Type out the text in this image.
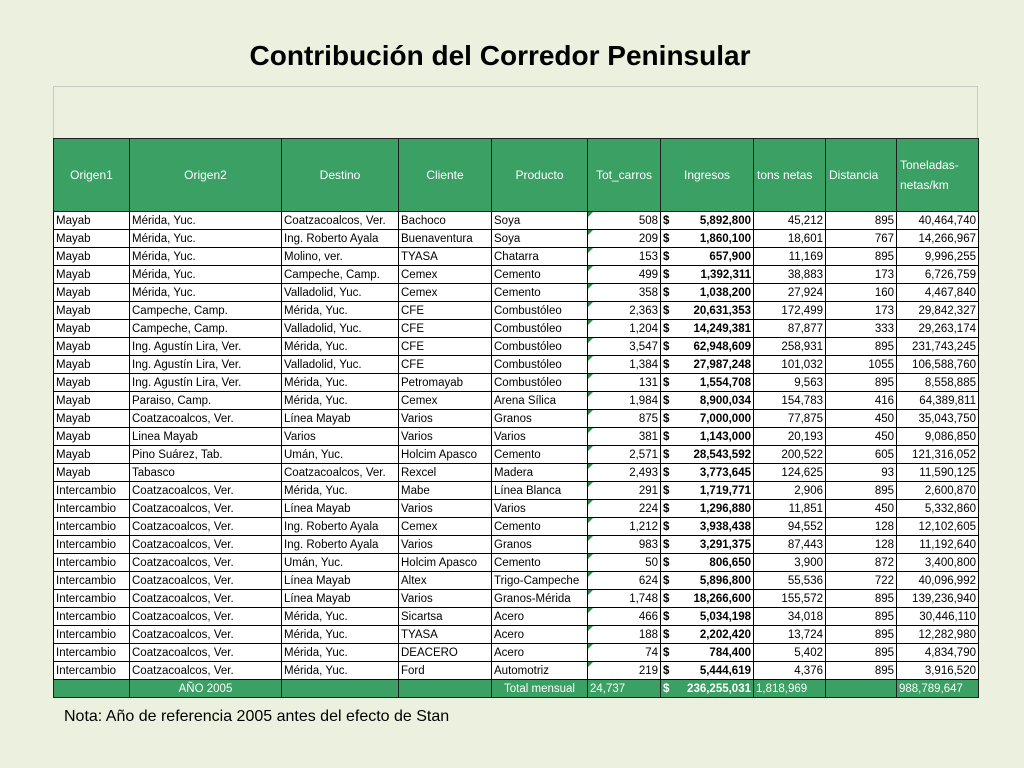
Contribución del Corredor Peninsular
Origen1	Origen2	Destino	Cliente	Producto	Tot_carros	Ingresos	tons netas	Distancia	Toneladas-netas/km
Mayab	Mérida, Yuc.	Coatzacoalcos, Ver.	Bachoco	Soya	508	$ 5,892,800	45,212	895	40,464,740
Mayab	Mérida, Yuc.	Ing. Roberto Ayala	Buenaventura	Soya	209	$ 1,860,100	18,601	767	14,266,967
Mayab	Mérida, Yuc.	Molino, ver.	TYASA	Chatarra	153	$ 657,900	11,169	895	9,996,255
Mayab	Mérida, Yuc.	Campeche, Camp.	Cemex	Cemento	499	$ 1,392,311	38,883	173	6,726,759
Mayab	Mérida, Yuc.	Valladolid, Yuc.	Cemex	Cemento	358	$ 1,038,200	27,924	160	4,467,840
Mayab	Campeche, Camp.	Mérida, Yuc.	CFE	Combustóleo	2,363	$ 20,631,353	172,499	173	29,842,327
Mayab	Campeche, Camp.	Valladolid, Yuc.	CFE	Combustóleo	1,204	$ 14,249,381	87,877	333	29,263,174
Mayab	Ing. Agustín Lira, Ver.	Mérida, Yuc.	CFE	Combustóleo	3,547	$ 62,948,609	258,931	895	231,743,245
Mayab	Ing. Agustín Lira, Ver.	Valladolid, Yuc.	CFE	Combustóleo	1,384	$ 27,987,248	101,032	1055	106,588,760
Mayab	Ing. Agustín Lira, Ver.	Mérida, Yuc.	Petromayab	Combustóleo	131	$ 1,554,708	9,563	895	8,558,885
Mayab	Paraiso, Camp.	Mérida, Yuc.	Cemex	Arena Sílica	1,984	$ 8,900,034	154,783	416	64,389,811
Mayab	Coatzacoalcos, Ver.	Línea Mayab	Varios	Granos	875	$ 7,000,000	77,875	450	35,043,750
Mayab	Linea Mayab	Varios	Varios	Varios	381	$ 1,143,000	20,193	450	9,086,850
Mayab	Pino Suárez, Tab.	Umán, Yuc.	Holcim Apasco	Cemento	2,571	$ 28,543,592	200,522	605	121,316,052
Mayab	Tabasco	Coatzacoalcos, Ver.	Rexcel	Madera	2,493	$ 3,773,645	124,625	93	11,590,125
Intercambio	Coatzacoalcos, Ver.	Mérida, Yuc.	Mabe	Línea Blanca	291	$ 1,719,771	2,906	895	2,600,870
Intercambio	Coatzacoalcos, Ver.	Línea Mayab	Varios	Varios	224	$ 1,296,880	11,851	450	5,332,860
Intercambio	Coatzacoalcos, Ver.	Ing. Roberto Ayala	Cemex	Cemento	1,212	$ 3,938,438	94,552	128	12,102,605
Intercambio	Coatzacoalcos, Ver.	Ing. Roberto Ayala	Varios	Granos	983	$ 3,291,375	87,443	128	11,192,640
Intercambio	Coatzacoalcos, Ver.	Umán, Yuc.	Holcim Apasco	Cemento	50	$ 806,650	3,900	872	3,400,800
Intercambio	Coatzacoalcos, Ver.	Línea Mayab	Altex	Trigo-Campeche	624	$ 5,896,800	55,536	722	40,096,992
Intercambio	Coatzacoalcos, Ver.	Línea Mayab	Varios	Granos-Mérida	1,748	$ 18,266,600	155,572	895	139,236,940
Intercambio	Coatzacoalcos, Ver.	Mérida, Yuc.	Sicartsa	Acero	466	$ 5,034,198	34,018	895	30,446,110
Intercambio	Coatzacoalcos, Ver.	Mérida, Yuc.	TYASA	Acero	188	$ 2,202,420	13,724	895	12,282,980
Intercambio	Coatzacoalcos, Ver.	Mérida, Yuc.	DEACERO	Acero	74	$ 784,400	5,402	895	4,834,790
Intercambio	Coatzacoalcos, Ver.	Mérida, Yuc.	Ford	Automotriz	219	$ 5,444,619	4,376	895	3,916,520
	AÑO 2005			Total mensual	24,737	$ 236,255,031	1,818,969		988,789,647
Nota: Año de referencia 2005 antes del efecto de Stan
